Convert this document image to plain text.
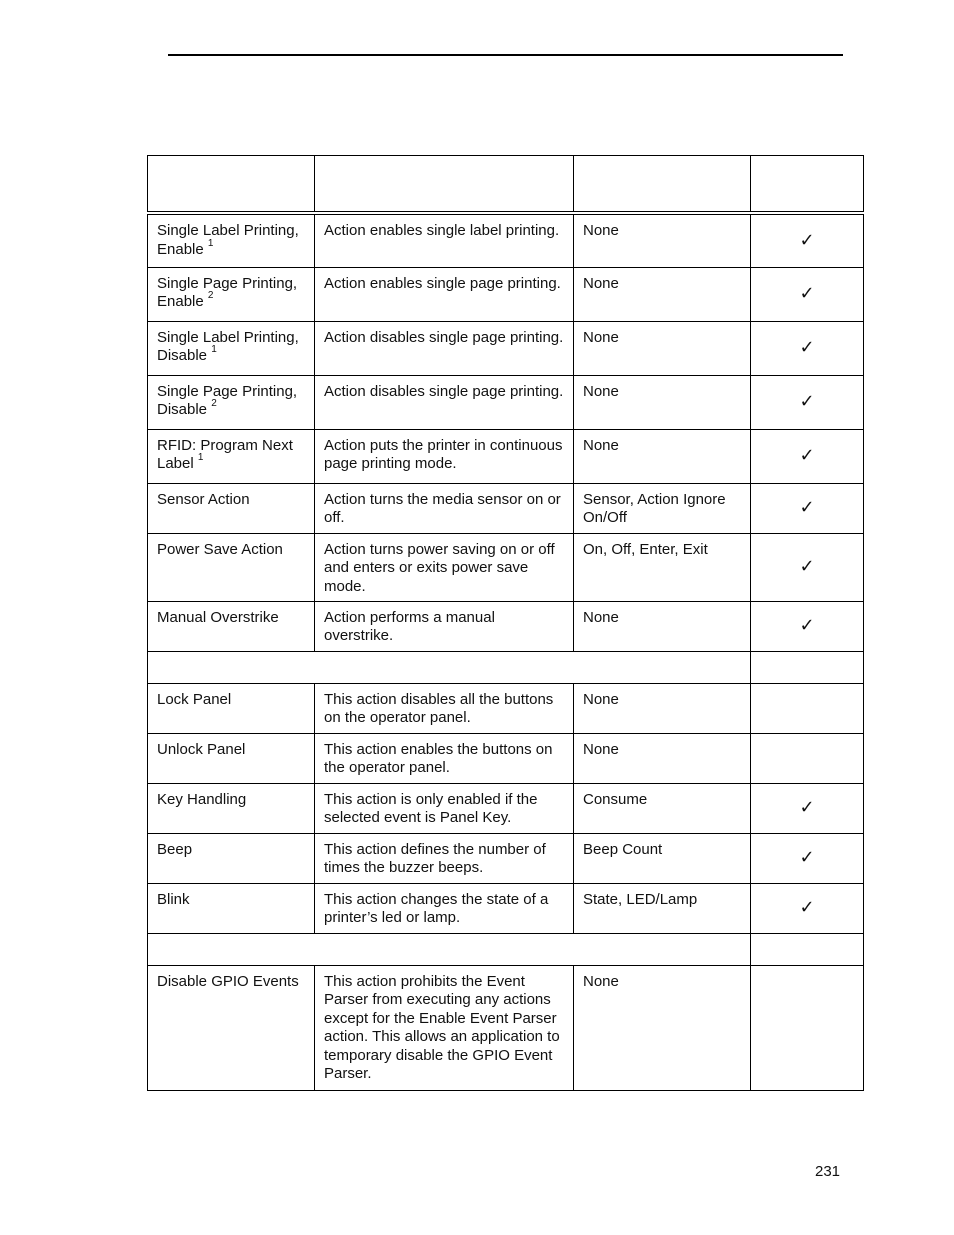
Single Label Printing, Enable $^1$	Action enables single label printing.	None	✓
Single Page Printing, Enable $^2$	Action enables single page printing.	None	✓
Single Label Printing, Disable $^1$	Action disables single page printing.	None	✓
Single Page Printing, Disable $^2$	Action disables single page printing.	None	✓
RFID: Program Next Label $^1$	Action puts the printer in continuous page printing mode.	None	✓
Sensor Action	Action turns the media sensor on or off.	Sensor, Action Ignore On/Off	✓
Power Save Action	Action turns power saving on or off and enters or exits power save mode.	On, Off, Enter, Exit	✓
Manual Overstrike	Action performs a manual overstrike.	None	✓

Lock Panel	This action disables all the buttons on the operator panel.	None	
Unlock Panel	This action enables the buttons on the operator panel.	None	
Key Handling	This action is only enabled if the selected event is Panel Key.	Consume	✓
Beep	This action defines the number of times the buzzer beeps.	Beep Count	✓
Blink	This action changes the state of a printer’s led or lamp.	State, LED/Lamp	✓

Disable GPIO Events	This action prohibits the Event Parser from executing any actions except for the Enable Event Parser action. This allows an application to temporary disable the GPIO Event Parser.	None	
231
